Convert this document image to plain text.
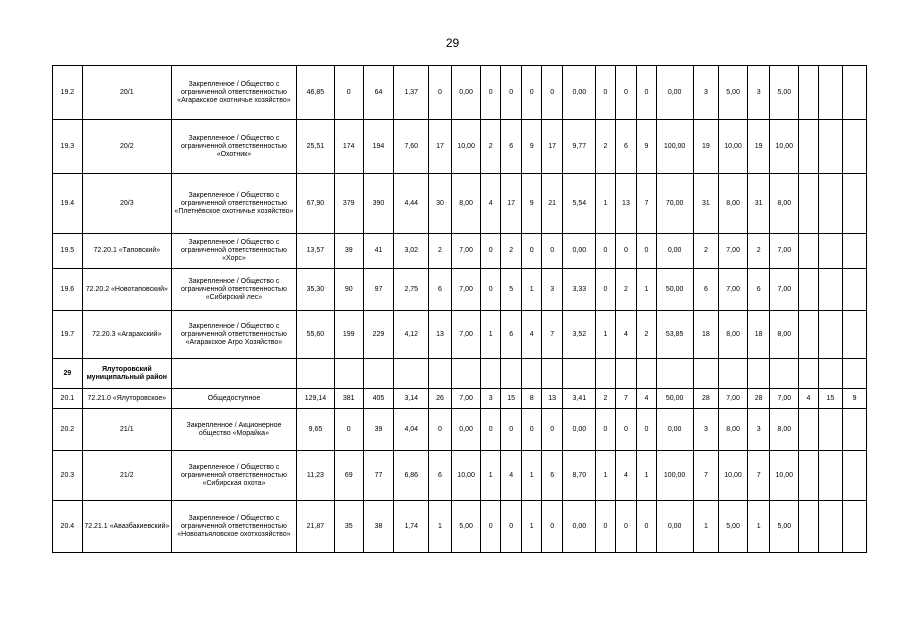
29
19.2	20/1	Закрепленное / Общество с ограниченной ответственностью «Агаракское охотничье хозяйство»	46,85	0	64	1,37	0	0,00	0	0	0	0	0,00	0	0	0	0,00	3	5,00	3	5,00			
19.3	20/2	Закрепленное / Общество с ограниченной ответственностью «Охотник»	25,51	174	194	7,60	17	10,00	2	6	9	17	9,77	2	6	9	100,00	19	10,00	19	10,00			
19.4	20/3	Закрепленное / Общество с ограниченной ответственностью «Плетнёвское охотничье хозяйство»	67,90	379	390	4,44	30	8,00	4	17	9	21	5,54	1	13	7	70,00	31	8,00	31	8,00			
19.5	72.20.1 «Таповский»	Закрепленное / Общество с ограниченной ответственностью «Хорс»	13,57	39	41	3,02	2	7,00	0	2	0	0	0,00	0	0	0	0,00	2	7,00	2	7,00			
19.6	72.20.2 «Новотаповский»	Закрепленное / Общество с ограниченной ответственностью «Сибирский лес»	35,30	90	97	2,75	6	7,00	0	5	1	3	3,33	0	2	1	50,00	6	7,00	6	7,00			
19.7	72.20.3 «Агаракский»	Закрепленное / Общество с ограниченной ответственностью «Агаракское Агро Хозяйство»	55,60	199	229	4,12	13	7,00	1	6	4	7	3,52	1	4	2	53,85	18	8,00	18	8,00			
29	Ялуторовский муниципальный район																							
20.1	72.21.0 «Ялуторовское»	Общедоступное	129,14	381	405	3,14	26	7,00	3	15	8	13	3,41	2	7	4	50,00	28	7,00	28	7,00	4	15	9
20.2	21/1	Закрепленное / Акционерное общество «Морайка»	9,65	0	39	4,04	0	0,00	0	0	0	0	0,00	0	0	0	0,00	3	8,00	3	8,00			
20.3	21/2	Закрепленное / Общество с ограниченной ответственностью «Сибирская охота»	11,23	69	77	6,86	6	10,00	1	4	1	6	8,70	1	4	1	100,00	7	10,00	7	10,00			
20.4	72.21.1 «Авазбакиевский»	Закрепленное / Общество с ограниченной ответственностью «Новоатьяловское охотхозяйство»	21,87	35	38	1,74	1	5,00	0	0	1	0	0,00	0	0	0	0,00	1	5,00	1	5,00			
